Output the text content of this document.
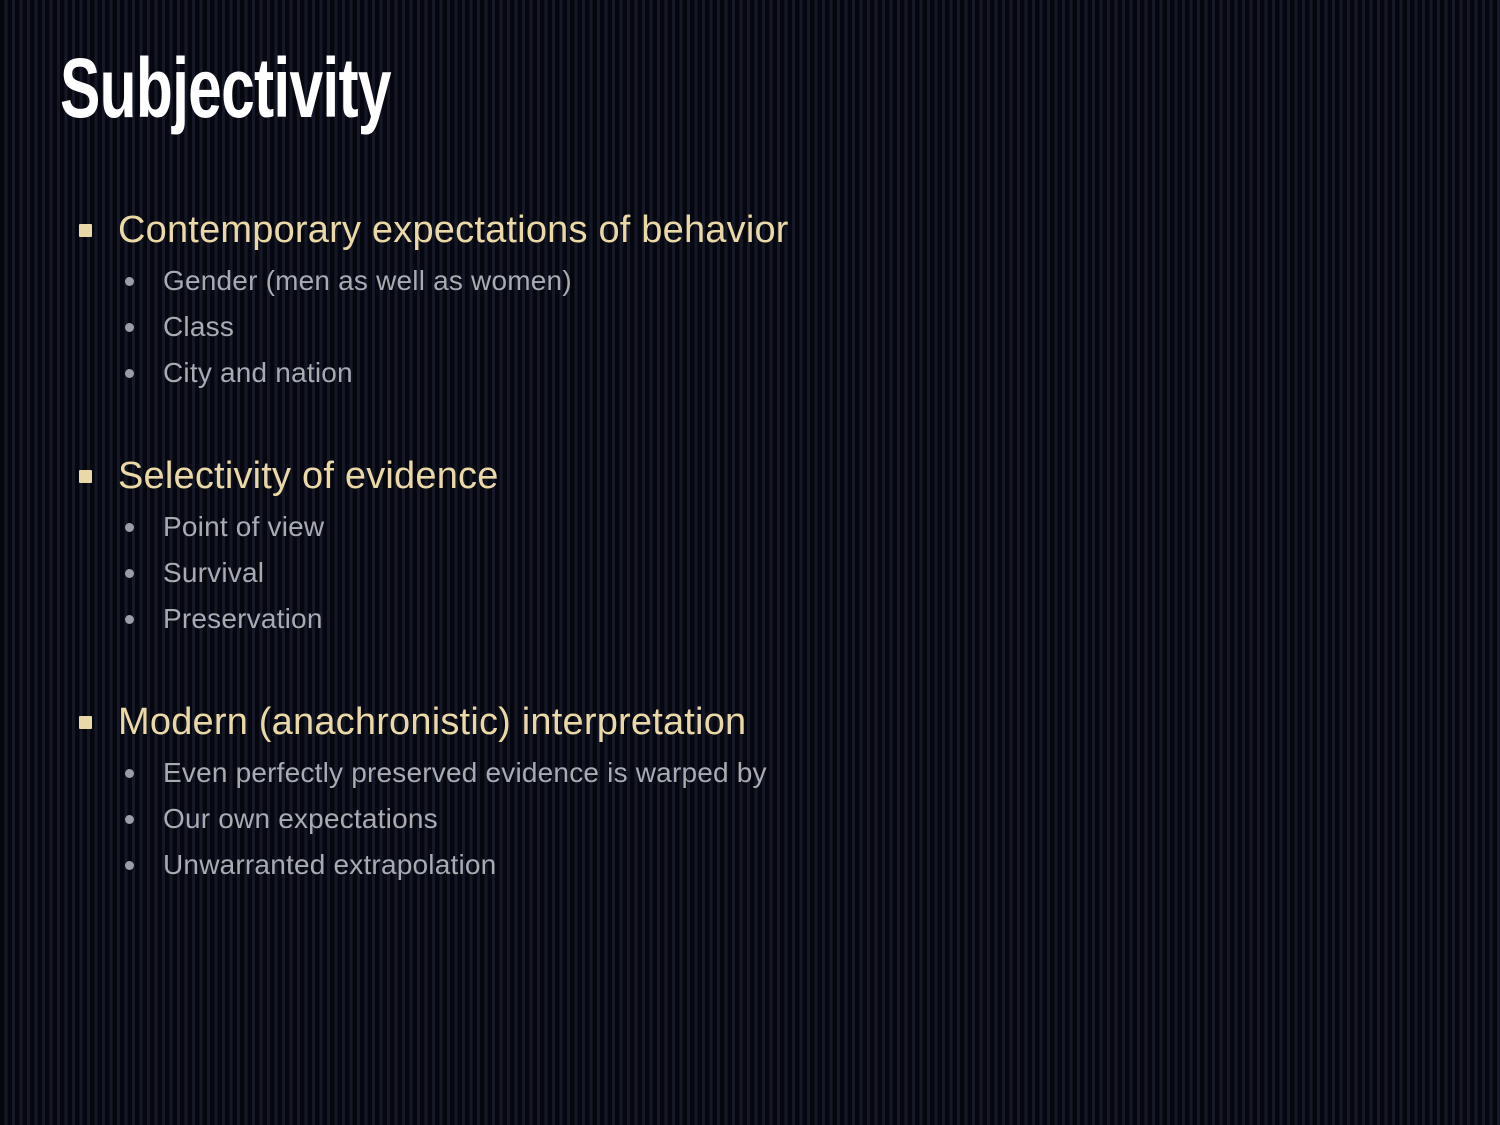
Subjectivity
Contemporary expectations of behavior
Gender (men as well as women)
Class
City and nation
Selectivity of evidence
Point of view
Survival
Preservation
Modern (anachronistic) interpretation
Even perfectly preserved evidence is warped by
Our own expectations
Unwarranted extrapolation
